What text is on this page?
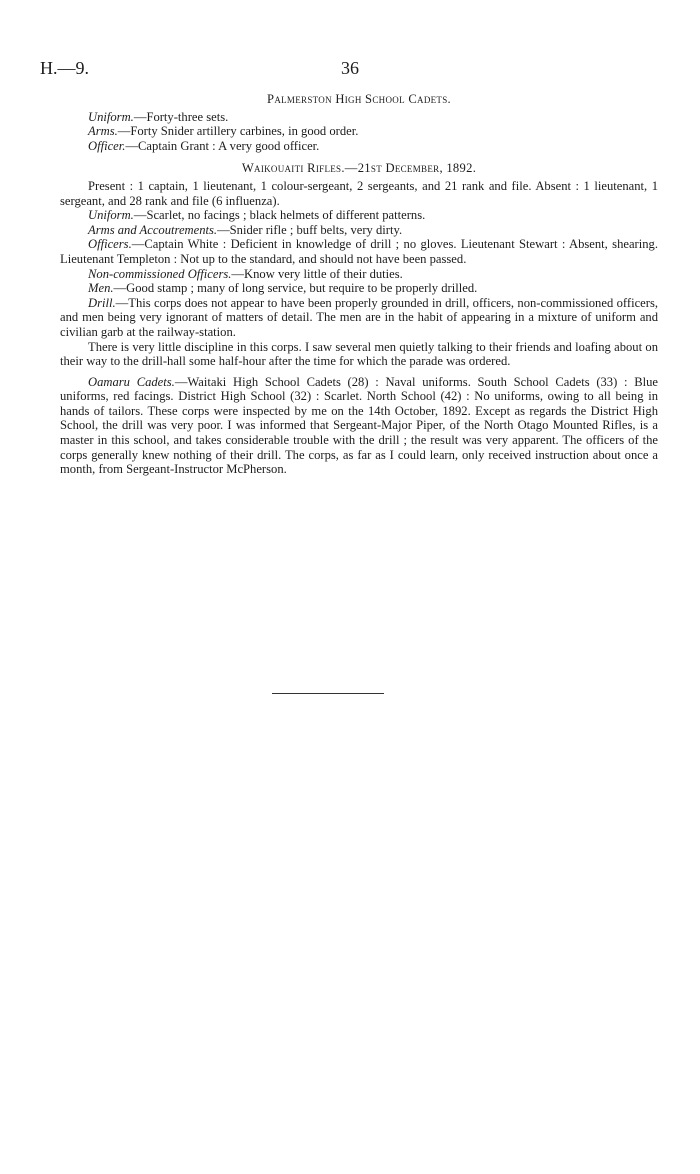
H.—9.	36
Palmerston High School Cadets.

Uniform.—Forty-three sets.

Arms.—Forty Snider artillery carbines, in good order.

Officer.—Captain Grant : A very good officer.

Waikouaiti Rifles.—21st December, 1892.

Present : 1 captain, 1 lieutenant, 1 colour-sergeant, 2 sergeants, and 21 rank and file. Absent : 1 lieutenant, 1 sergeant, and 28 rank and file (6 influenza).

Uniform.—Scarlet, no facings ; black helmets of different patterns.

Arms and Accoutrements.—Snider rifle ; buff belts, very dirty.

Officers.—Captain White : Deficient in knowledge of drill ; no gloves. Lieutenant Stewart : Absent, shearing. Lieutenant Templeton : Not up to the standard, and should not have been passed.

Non-commissioned Officers.—Know very little of their duties.

Men.—Good stamp ; many of long service, but require to be properly drilled.

Drill.—This corps does not appear to have been properly grounded in drill, officers, non-commissioned officers, and men being very ignorant of matters of detail. The men are in the habit of appearing in a mixture of uniform and civilian garb at the railway-station.

There is very little discipline in this corps. I saw several men quietly talking to their friends and loafing about on their way to the drill-hall some half-hour after the time for which the parade was ordered.

Oamaru Cadets.—Waitaki High School Cadets (28) : Naval uniforms. South School Cadets (33) : Blue uniforms, red facings. District High School (32) : Scarlet. North School (42) : No uniforms, owing to all being in hands of tailors. These corps were inspected by me on the 14th October, 1892. Except as regards the District High School, the drill was very poor. I was informed that Sergeant-Major Piper, of the North Otago Mounted Rifles, is a master in this school, and takes considerable trouble with the drill ; the result was very apparent. The officers of the corps generally knew nothing of their drill. The corps, as far as I could learn, only received instruction about once a month, from Sergeant-Instructor McPherson.
